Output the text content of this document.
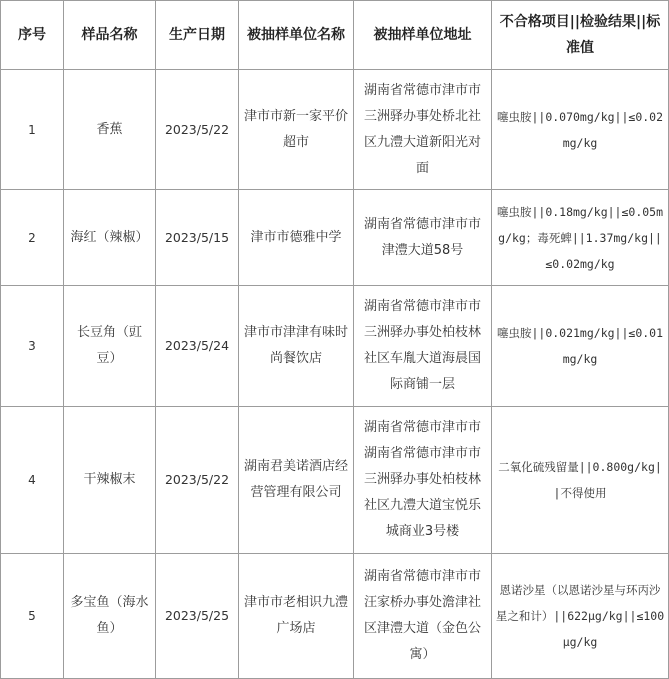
序号	样品名称	生产日期	被抽样单位名称	被抽样单位地址	不合格项目||检验结果||标准值
1	香蕉	2023/5/22	津市市新一家平价超市	湖南省常德市津市市三洲驿办事处桥北社区九澧大道新阳光对面	噻虫胺||0.070mg/kg||≤0.02mg/kg
2	海红（辣椒）	2023/5/15	津市市德雅中学	湖南省常德市津市市津澧大道58号	噻虫胺||0.18mg/kg||≤0.05mg/kg；毒死蜱||1.37mg/kg||≤0.02mg/kg
3	长豆角（豇豆）	2023/5/24	津市市津津有味时尚餐饮店	湖南省常德市津市市三洲驿办事处柏枝林社区车胤大道海晨国际商铺一层	噻虫胺||0.021mg/kg||≤0.01mg/kg
4	干辣椒末	2023/5/22	湖南君美诺酒店经营管理有限公司	湖南省常德市津市市湖南省常德市津市市三洲驿办事处柏枝林社区九澧大道宝悦乐城商业3号楼	二氧化硫残留量||0.800g/kg||不得使用
5	多宝鱼（海水鱼）	2023/5/25	津市市老相识九澧广场店	湖南省常德市津市市汪家桥办事处澹津社区津澧大道（金色公寓）	恩诺沙星（以恩诺沙星与环丙沙星之和计）||622μg/kg||≤100μg/kg
